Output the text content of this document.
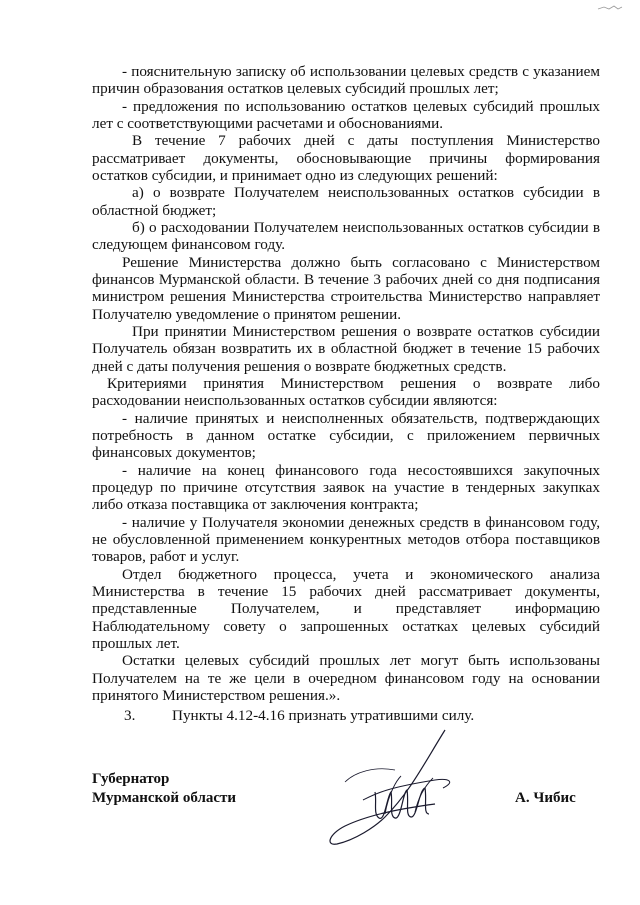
- пояснительную записку об использовании целевых средств с указанием
причин образования остатков целевых субсидий прошлых лет;
- предложения по использованию остатков целевых субсидий прошлых
лет с соответствующими расчетами и обоснованиями.
В течение 7 рабочих дней с даты поступления Министерство
рассматривает документы, обосновывающие причины формирования
остатков субсидии, и принимает одно из следующих решений:
а) о возврате Получателем неиспользованных остатков субсидии в
областной бюджет;
б) о расходовании Получателем неиспользованных остатков субсидии в
следующем финансовом году.
Решение Министерства должно быть согласовано с Министерством
финансов Мурманской области. В течение 3 рабочих дней со дня подписания
министром решения Министерства строительства Министерство направляет
Получателю уведомление о принятом решении.
При принятии Министерством решения о возврате остатков субсидии
Получатель обязан возвратить их в областной бюджет в течение 15 рабочих
дней с даты получения решения о возврате бюджетных средств.
Критериями принятия Министерством решения о возврате либо
расходовании неиспользованных остатков субсидии являются:
- наличие принятых и неисполненных обязательств, подтверждающих
потребность в данном остатке субсидии, с приложением первичных
финансовых документов;
- наличие на конец финансового года несостоявшихся закупочных
процедур по причине отсутствия заявок на участие в тендерных закупках
либо отказа поставщика от заключения контракта;
- наличие у Получателя экономии денежных средств в финансовом году,
не обусловленной применением конкурентных методов отбора поставщиков
товаров, работ и услуг.
Отдел бюджетного процесса, учета и экономического анализа
Министерства в течение 15 рабочих дней рассматривает документы,
представленные Получателем, и представляет информацию
Наблюдательному совету о запрошенных остатках целевых субсидий
прошлых лет.
Остатки целевых субсидий прошлых лет могут быть использованы
Получателем на те же цели в очередном финансовом году на основании
принятого Министерством решения.».
3. Пункты 4.12-4.16 признать утратившими силу.
Губернатор
Мурманской области	А. Чибис
